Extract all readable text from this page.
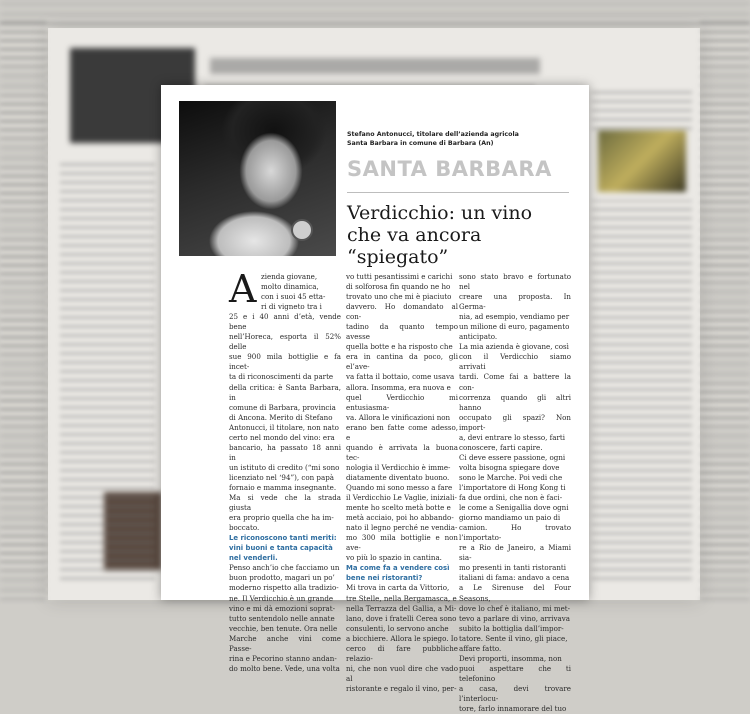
Stefano Antonucci, titolare dell’azienda agricola
Santa Barbara in comune di Barbara (An)
SANTA BARBARA
Verdicchio: un vino
che va ancora “spiegato”
A zienda giovane,
molto dinamica,
con i suoi 45 etta-
ri di vigneto tra i
25 e i 40 anni d’età, vende bene
nell’Horeca, esporta il 52% delle
sue 900 mila bottiglie e fa incet-
ta di riconoscimenti da parte
della critica: è Santa Barbara, in
comune di Barbara, provincia
di Ancona. Merito di Stefano
Antonucci, il titolare, non nato
certo nel mondo del vino: era
bancario, ha passato 18 anni in
un istituto di credito (“mi sono
licenziato nel ‘94”), con papà
fornaio e mamma insegnante.
Ma si vede che la strada giusta
era proprio quella che ha im-
boccato.

Le riconoscono tanti meriti:
vini buoni e tanta capacità
nel venderli.

Penso anch’io che facciamo un
buon prodotto, magari un po’
moderno rispetto alla tradizio-
ne. Il Verdicchio è un grande
vino e mi dà emozioni soprat-
tutto sentendolo nelle annate
vecchie, ben tenute. Ora nelle
Marche anche vini come Passe-
rina e Pecorino stanno andan-
do molto bene. Vede, una volta

vo tutti pesantissimi e carichi
di solforosa fin quando ne ho
trovato uno che mi è piaciuto
davvero. Ho domandato al con-
tadino da quanto tempo avesse
quella botte e ha risposto che
era in cantina da poco, gli el’ave-
va fatta il bottaio, come usava
allora. Insomma, era nuova e
quel Verdicchio mi entusiasma-
va. Allora le vinificazioni non
erano ben fatte come adesso, e
quando è arrivata la buona tec-
nologia il Verdicchio è imme-
diatamente diventato buono.
Quando mi sono messo a fare
il Verdicchio Le Vaglie, iniziali-
mente ho scelto metà botte e
metà acciaio, poi ho abbando-
nato il legno perché ne vendia-
mo 300 mila bottiglie e non ave-
vo più lo spazio in cantina.

Ma come fa a vendere così
bene nei ristoranti?

Mi trova in carta da Vittorio,
tre Stelle, nella Bergamasca, e
nella Terrazza del Gallia, a Mi-
lano, dove i fratelli Cerea sono
consulenti, lo servono anche
a bicchiere. Allora le spiego. Io
cerco di fare pubbliche relazio-
ni, che non vuol dire che vado al
ristorante e regalo il vino, per-

sono stato bravo e fortunato nel
creare una proposta. In Germa-
nia, ad esempio, vendiamo per
un milione di euro, pagamento
anticipato.
La mia azienda è giovane, così
con il Verdicchio siamo arrivati
tardi. Come fai a battere la con-
correnza quando gli altri hanno
occupato gli spazi? Non import-
a, devi entrare lo stesso, farti
conoscere, farti capire.
Ci deve essere passione, ogni
volta bisogna spiegare dove
sono le Marche. Poi vedi che
l’importatore di Hong Kong ti
fa due ordini, che non è faci-
le come a Senigallia dove ogni
giorno mandiamo un paio di
camion. Ho trovato l’importato-
re a Rio de Janeiro, a Miami sia-
mo presenti in tanti ristoranti
italiani di fama: andavo a cena
a Le Sirenuse del Four Seasons,
dove lo chef è italiano, mi met-
tevo a parlare di vino, arrivava
subito la bottiglia dall’impor-
tatore. Sente il vino, gli piace,
affare fatto.
Devi proporti, insomma, non
puoi aspettare che ti telefonino
a casa, devi trovare l’interlocu-
tore, farlo innamorare del tuo
